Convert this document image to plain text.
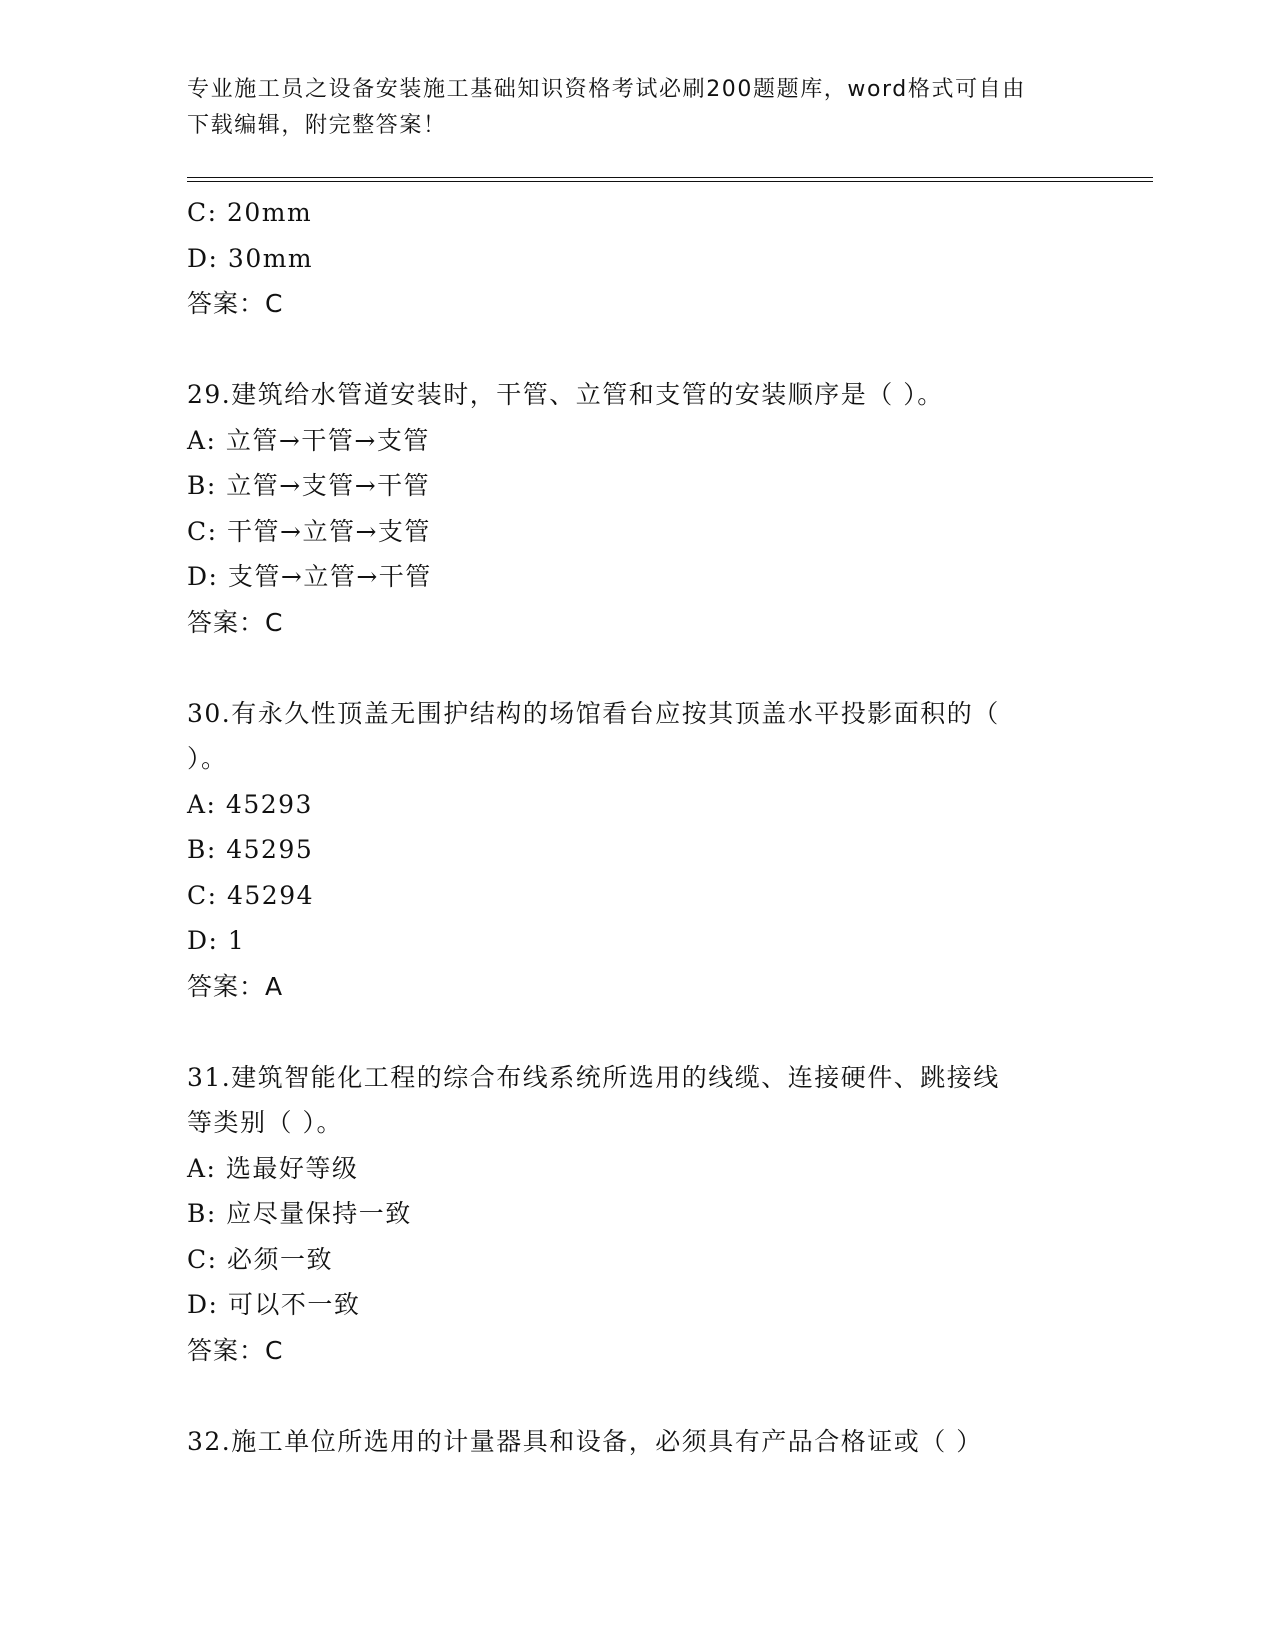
专业施工员之设备安装施工基础知识资格考试必刷200题题库，word格式可自由
下载编辑，附完整答案！
C: 20mm
D: 30mm
答案：C
29.建筑给水管道安装时，干管、立管和支管的安装顺序是（ ）。
A: 立管→干管→支管
B: 立管→支管→干管
C: 干管→立管→支管
D: 支管→立管→干管
答案：C
30.有永久性顶盖无围护结构的场馆看台应按其顶盖水平投影面积的（
）。
A: 45293
B: 45295
C: 45294
D: 1
答案：A
31.建筑智能化工程的综合布线系统所选用的线缆、连接硬件、跳接线
等类别（ ）。
A: 选最好等级
B: 应尽量保持一致
C: 必须一致
D: 可以不一致
答案：C
32.施工单位所选用的计量器具和设备，必须具有产品合格证或（ ）
